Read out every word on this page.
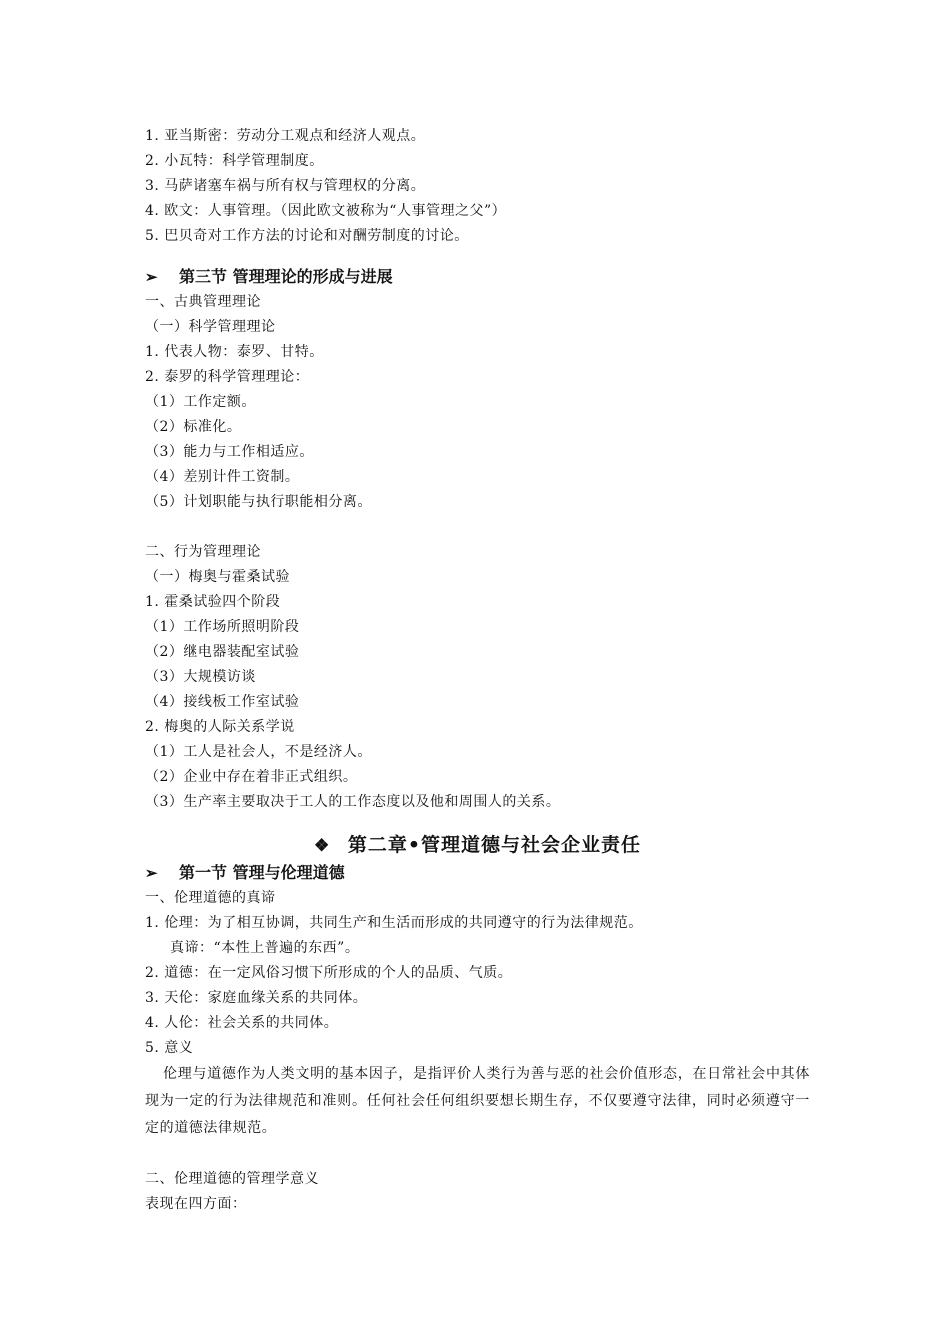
1. 亚当斯密：劳动分工观点和经济人观点。
2. 小瓦特：科学管理制度。
3. 马萨诸塞车祸与所有权与管理权的分离。
4. 欧文：人事管理。（因此欧文被称为“人事管理之父”）
5. 巴贝奇对工作方法的讨论和对酬劳制度的讨论。
➢	第三节 管理理论的形成与进展
一、古典管理理论
（一）科学管理理论
1. 代表人物：泰罗、甘特。
2. 泰罗的科学管理理论：
（1）工作定额。
（2）标准化。
（3）能力与工作相适应。
（4）差别计件工资制。
（5）计划职能与执行职能相分离。
二、行为管理理论
（一）梅奥与霍桑试验
1. 霍桑试验四个阶段
（1）工作场所照明阶段
（2）继电器装配室试验
（3）大规模访谈
（4）接线板工作室试验
2. 梅奥的人际关系学说
（1）工人是社会人，不是经济人。
（2）企业中存在着非正式组织。
（3）生产率主要取决于工人的工作态度以及他和周围人的关系。
❖ 第二章•管理道德与社会企业责任
➢	第一节 管理与伦理道德
一、伦理道德的真谛
1. 伦理：为了相互协调，共同生产和生活而形成的共同遵守的行为法律规范。
真谛：“本性上普遍的东西”。
2. 道德：在一定风俗习惯下所形成的个人的品质、气质。
3. 天伦：家庭血缘关系的共同体。
4. 人伦：社会关系的共同体。
5. 意义
伦理与道德作为人类文明的基本因子，是指评价人类行为善与恶的社会价值形态，在日常社会中其体现为一定的行为法律规范和准则。任何社会任何组织要想长期生存，不仅要遵守法律，同时必须遵守一定的道德法律规范。
二、伦理道德的管理学意义
表现在四方面：
